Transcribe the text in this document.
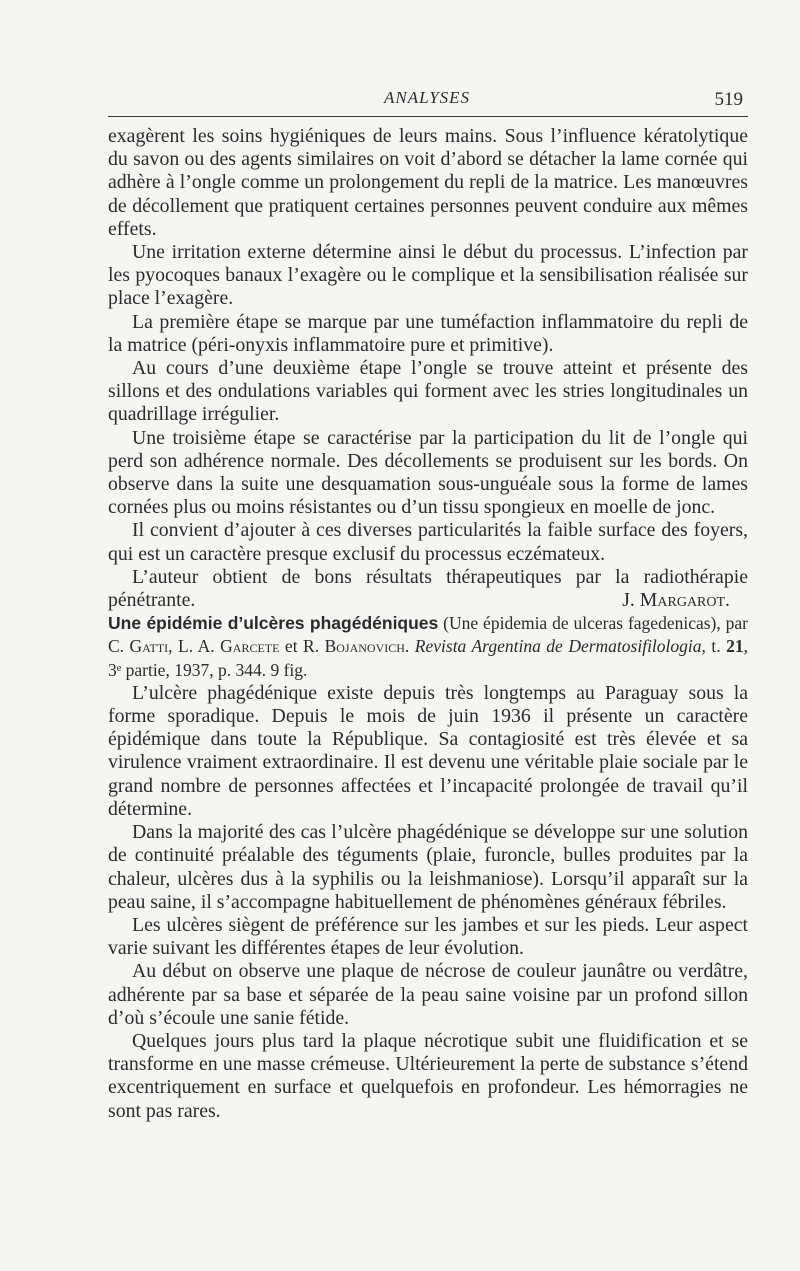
ANALYSES	519

exagèrent les soins hygiéniques de leurs mains. Sous l’influence kératolytique du savon ou des agents similaires on voit d’abord se détacher la lame cornée qui adhère à l’ongle comme un prolongement du repli de la matrice. Les manœuvres de décollement que pratiquent certaines personnes peuvent conduire aux mêmes effets.

Une irritation externe détermine ainsi le début du processus. L’infection par les pyocoques banaux l’exagère ou le complique et la sensibilisation réalisée sur place l’exagère.

La première étape se marque par une tuméfaction inflammatoire du repli de la matrice (péri-onyxis inflammatoire pure et primitive).

Au cours d’une deuxième étape l’ongle se trouve atteint et présente des sillons et des ondulations variables qui forment avec les stries longitudinales un quadrillage irrégulier.

Une troisième étape se caractérise par la participation du lit de l’ongle qui perd son adhérence normale. Des décollements se produisent sur les bords. On observe dans la suite une desquamation sous-unguéale sous la forme de lames cornées plus ou moins résistantes ou d’un tissu spongieux en moelle de jonc.

Il convient d’ajouter à ces diverses particularités la faible surface des foyers, qui est un caractère presque exclusif du processus eczémateux.

L’auteur obtient de bons résultats thérapeutiques par la radiothérapie

pénétrante.	J. Margarot.

Une épidémie d’ulcères phagédéniques (Une épidemia de ulceras fagedenicas), par C. Gatti, L. A. Garcete et R. Bojanovich. Revista Argentina de Dermatosifilologia, t. 21, 3ᵉ partie, 1937, p. 344. 9 fig.

L’ulcère phagédénique existe depuis très longtemps au Paraguay sous la forme sporadique. Depuis le mois de juin 1936 il présente un caractère épidémique dans toute la République. Sa contagiosité est très élevée et sa virulence vraiment extraordinaire. Il est devenu une véritable plaie sociale par le grand nombre de personnes affectées et l’incapacité prolongée de travail qu’il détermine.

Dans la majorité des cas l’ulcère phagédénique se développe sur une solution de continuité préalable des téguments (plaie, furoncle, bulles produites par la chaleur, ulcères dus à la syphilis ou la leishmaniose). Lorsqu’il apparaît sur la peau saine, il s’accompagne habituellement de phénomènes généraux fébriles.

Les ulcères siègent de préférence sur les jambes et sur les pieds. Leur aspect varie suivant les différentes étapes de leur évolution.

Au début on observe une plaque de nécrose de couleur jaunâtre ou verdâtre, adhérente par sa base et séparée de la peau saine voisine par un profond sillon d’où s’écoule une sanie fétide.

Quelques jours plus tard la plaque nécrotique subit une fluidification et se transforme en une masse crémeuse. Ultérieurement la perte de substance s’étend excentriquement en surface et quelquefois en profondeur. Les hémorragies ne sont pas rares.
